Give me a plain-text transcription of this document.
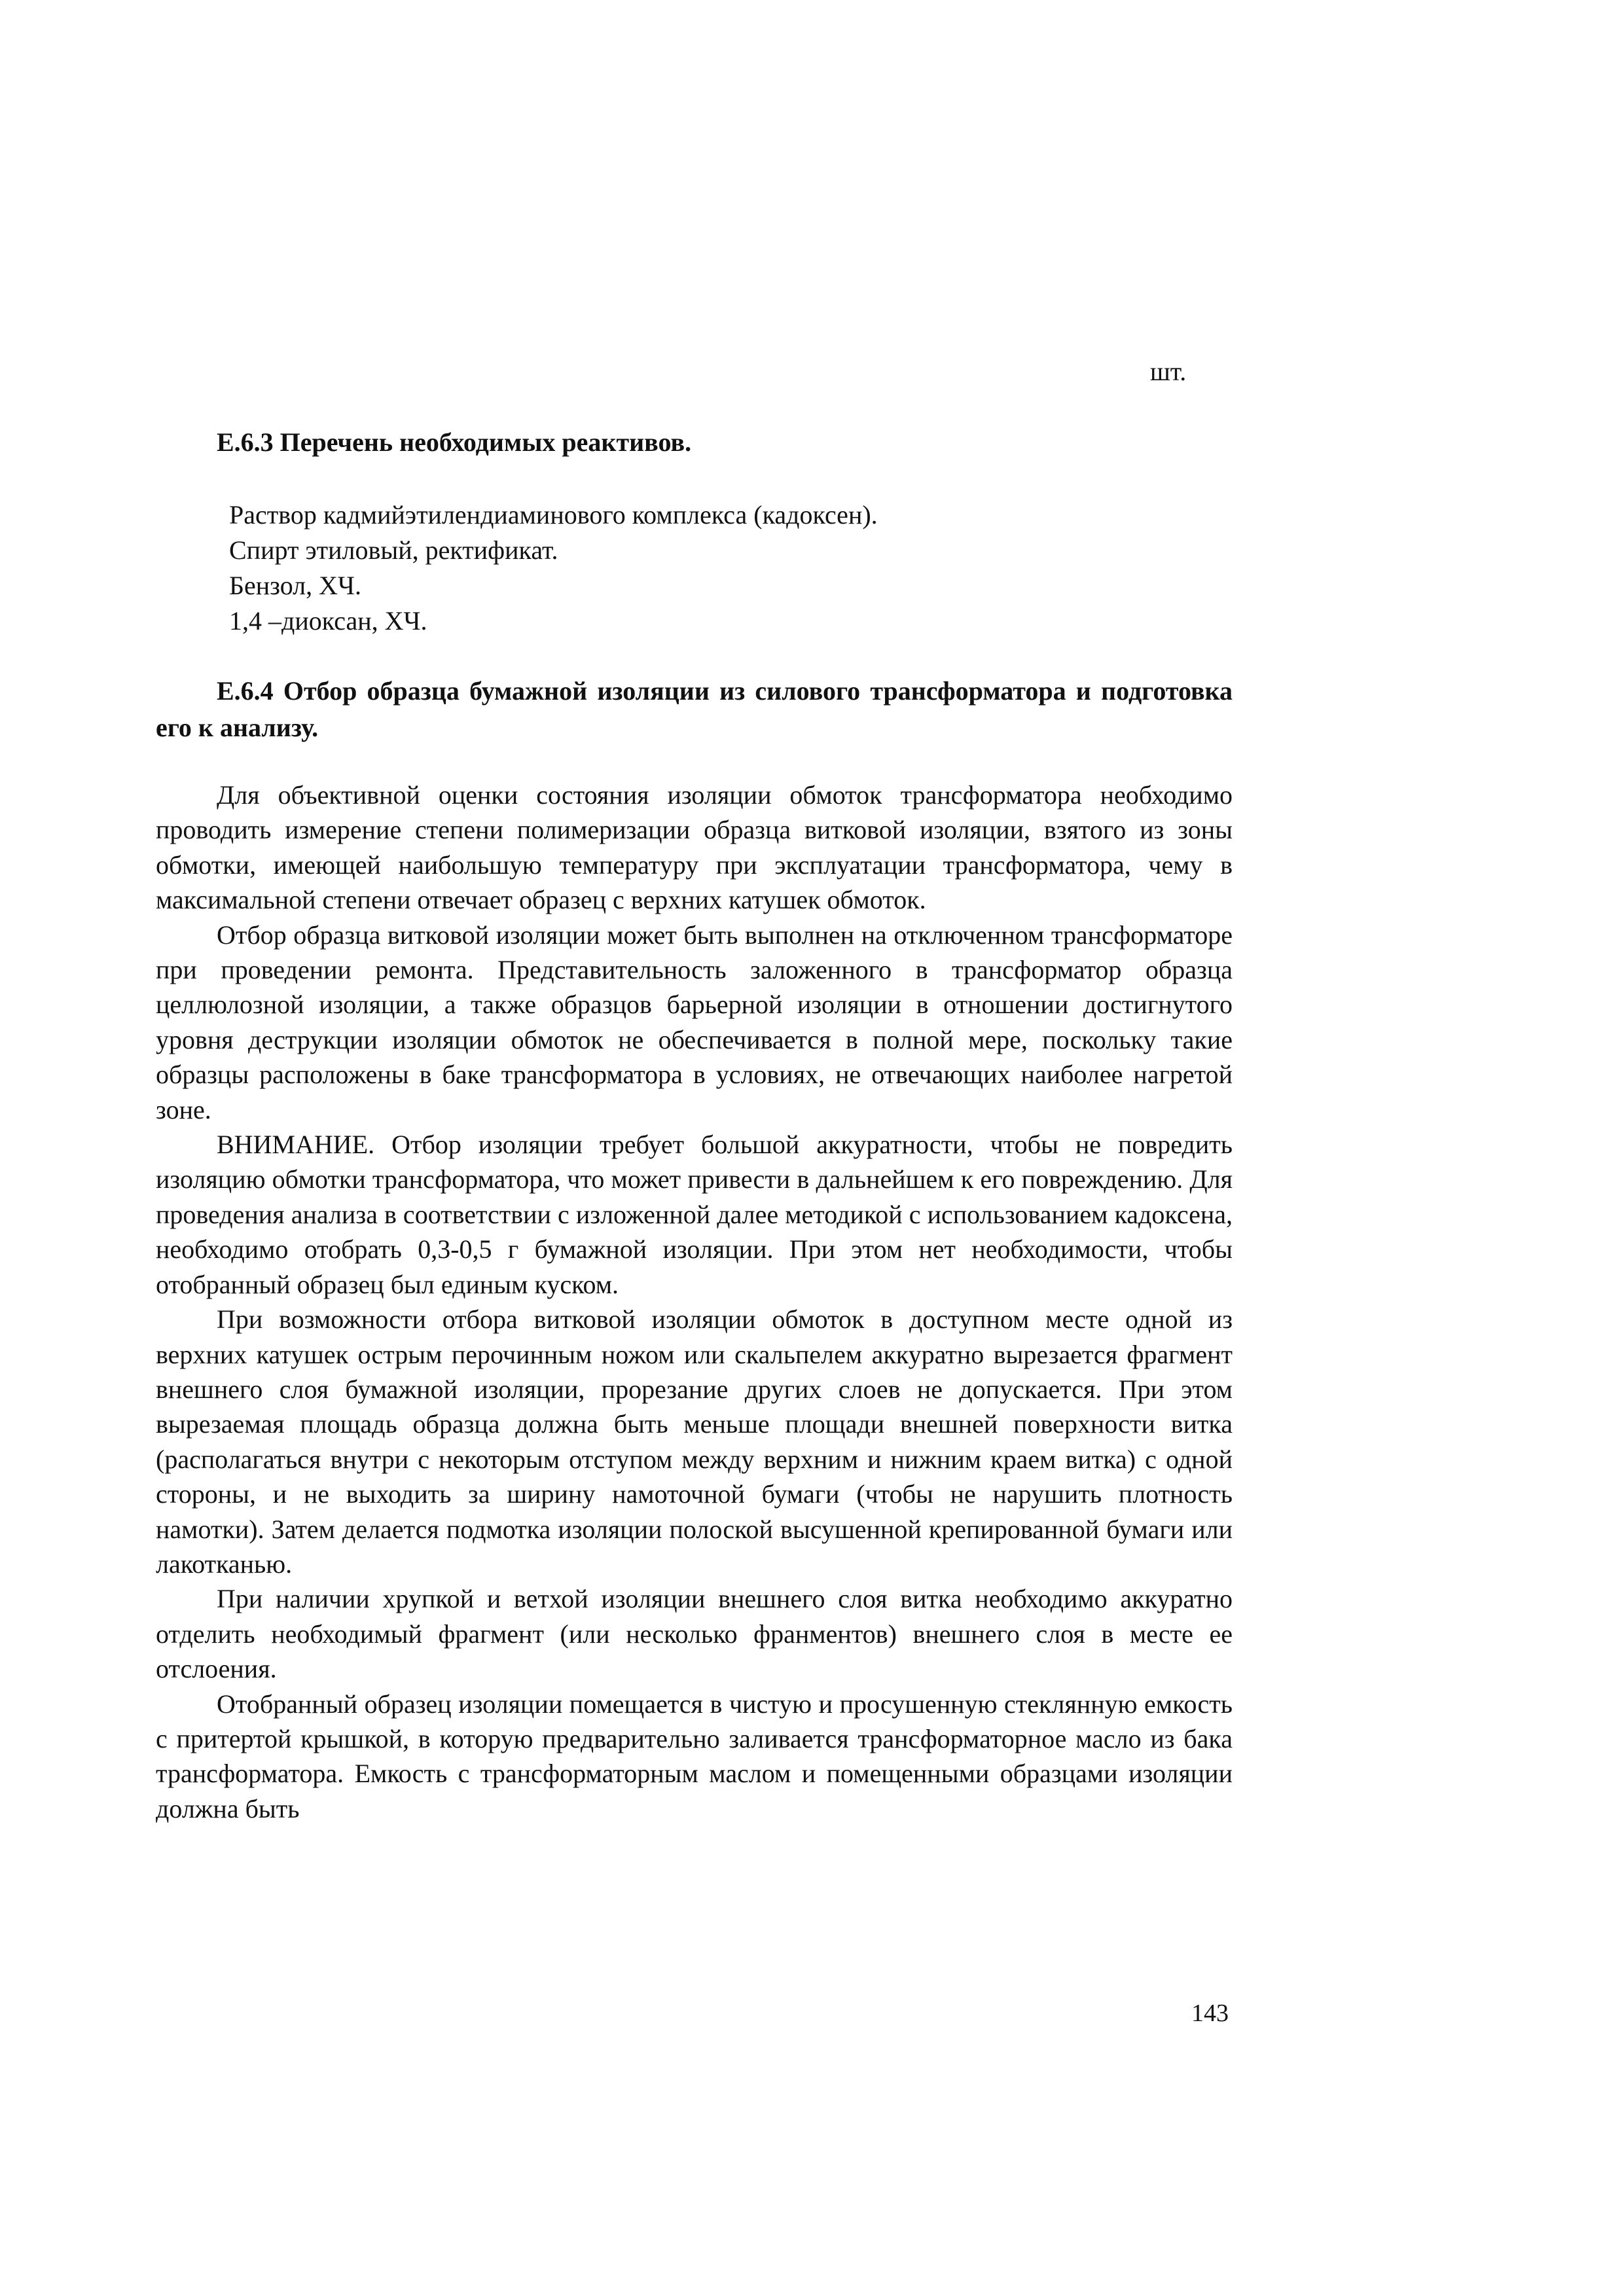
шт.
Е.6.3 Перечень необходимых реактивов.
Раствор кадмийэтилендиаминового комплекса (кадоксен).
Спирт этиловый, ректификат.
Бензол, ХЧ.
1,4 –диоксан, ХЧ.
Е.6.4 Отбор образца бумажной изоляции из силового трансформатора и подготовка его к анализу.

Для объективной оценки состояния изоляции обмоток трансформатора необходимо проводить измерение степени полимеризации образца витковой изоляции, взятого из зоны обмотки, имеющей наибольшую температуру при эксплуатации трансформатора, чему в максимальной степени отвечает образец с верхних катушек обмоток.

Отбор образца витковой изоляции может быть выполнен на отключенном трансформаторе при проведении ремонта. Представительность заложенного в трансформатор образца целлюлозной изоляции, а также образцов барьерной изоляции в отношении достигнутого уровня деструкции изоляции обмоток не обеспечивается в полной мере, поскольку такие образцы расположены в баке трансформатора в условиях, не отвечающих наиболее нагретой зоне.

ВНИМАНИЕ. Отбор изоляции требует большой аккуратности, чтобы не повредить изоляцию обмотки трансформатора, что может привести в дальнейшем к его повреждению. Для проведения анализа в соответствии с изложенной далее методикой с использованием кадоксена, необходимо отобрать 0,3-0,5 г бумажной изоляции. При этом нет необходимости, чтобы отобранный образец был единым куском.

При возможности отбора витковой изоляции обмоток в доступном месте одной из верхних катушек острым перочинным ножом или скальпелем аккуратно вырезается фрагмент внешнего слоя бумажной изоляции, прорезание других слоев не допускается. При этом вырезаемая площадь образца должна быть меньше площади внешней поверхности витка (располагаться внутри с некоторым отступом между верхним и нижним краем витка) с одной стороны, и не выходить за ширину намоточной бумаги (чтобы не нарушить плотность намотки). Затем делается подмотка изоляции полоской высушенной крепированной бумаги или лакотканью.

При наличии хрупкой и ветхой изоляции внешнего слоя витка необходимо аккуратно отделить необходимый фрагмент (или несколько франментов) внешнего слоя в месте ее отслоения.

Отобранный образец изоляции помещается в чистую и просушенную стеклянную емкость с притертой крышкой, в которую предварительно заливается трансформаторное масло из бака трансформатора. Емкость с трансформаторным маслом и помещенными образцами изоляции должна быть

143
